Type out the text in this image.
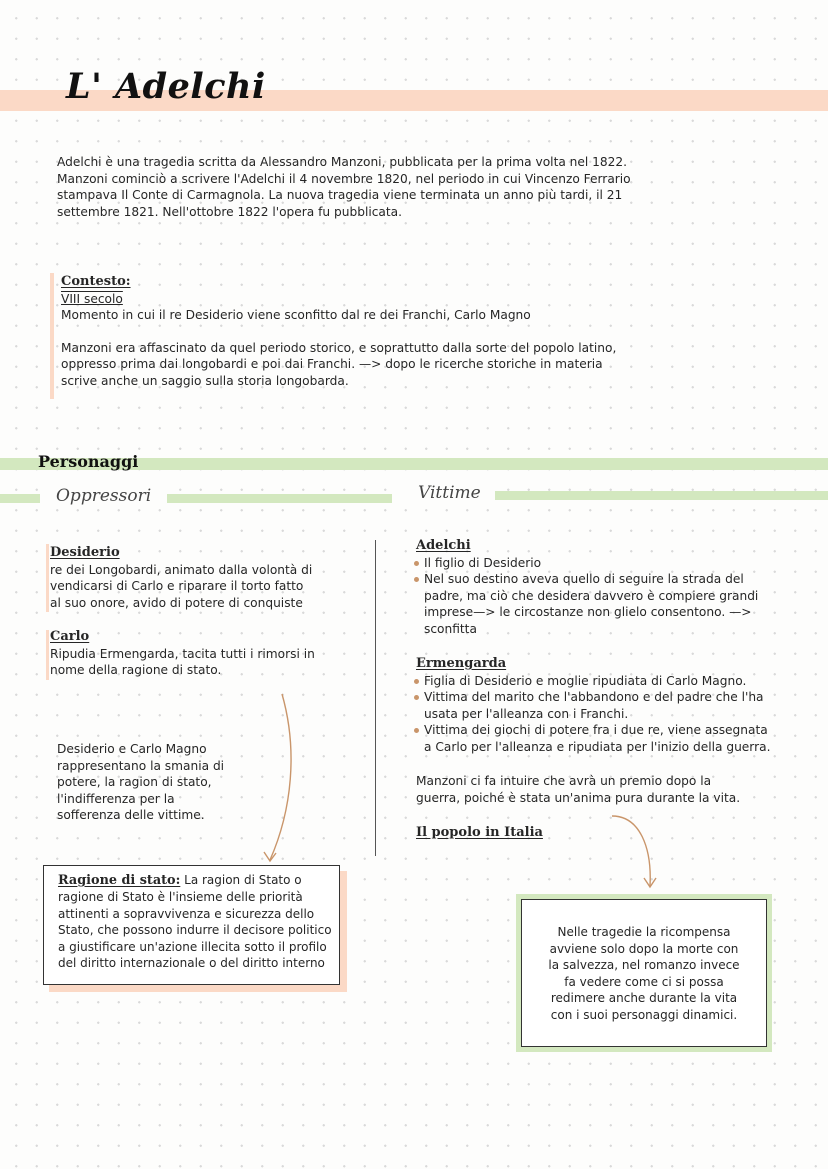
L' Adelchi
Adelchi è una tragedia scritta da Alessandro Manzoni, pubblicata per la prima volta nel 1822.
Manzoni cominciò a scrivere l'Adelchi il 4 novembre 1820, nel periodo in cui Vincenzo Ferrario
stampava Il Conte di Carmagnola. La nuova tragedia viene terminata un anno più tardi, il 21
settembre 1821. Nell'ottobre 1822 l'opera fu pubblicata.
Contesto:
VIII secolo
Momento in cui il re Desiderio viene sconfitto dal re dei Franchi, Carlo Magno
Manzoni era affascinato da quel periodo storico, e soprattutto dalla sorte del popolo latino,
oppresso prima dai longobardi e poi dai Franchi. —> dopo le ricerche storiche in materia
scrive anche un saggio sulla storia longobarda.
Personaggi
Oppressori	Vittime
Desiderio
re dei Longobardi, animato dalla volontà di
vendicarsi di Carlo e riparare il torto fatto
al suo onore, avido di potere di conquiste
Carlo
Ripudia Ermengarda, tacita tutti i rimorsi in
nome della ragione di stato.
Desiderio e Carlo Magno
rappresentano la smania di
potere, la ragion di stato,
l'indifferenza per la
sofferenza delle vittime.
Ragione di stato: La ragion di Stato o
ragione di Stato è l'insieme delle priorità
attinenti a sopravvivenza e sicurezza dello
Stato, che possono indurre il decisore politico
a giustificare un'azione illecita sotto il profilo
del diritto internazionale o del diritto interno
Adelchi
Il figlio di Desiderio
Nel suo destino aveva quello di seguire la strada del
padre, ma ciò che desidera davvero è compiere grandi
imprese—> le circostanze non glielo consentono. —>
sconfitta
Ermengarda
Figlia di Desiderio e moglie ripudiata di Carlo Magno.
Vittima del marito che l'abbandono e del padre che l'ha
usata per l'alleanza con i Franchi.
Vittima dei giochi di potere fra i due re, viene assegnata
a Carlo per l'alleanza e ripudiata per l'inizio della guerra.
Manzoni ci fa intuire che avrà un premio dopo la
guerra, poiché è stata un'anima pura durante la vita.
Il popolo in Italia
Nelle tragedie la ricompensa
avviene solo dopo la morte con
la salvezza, nel romanzo invece
fa vedere come ci si possa
redimere anche durante la vita
con i suoi personaggi dinamici.
